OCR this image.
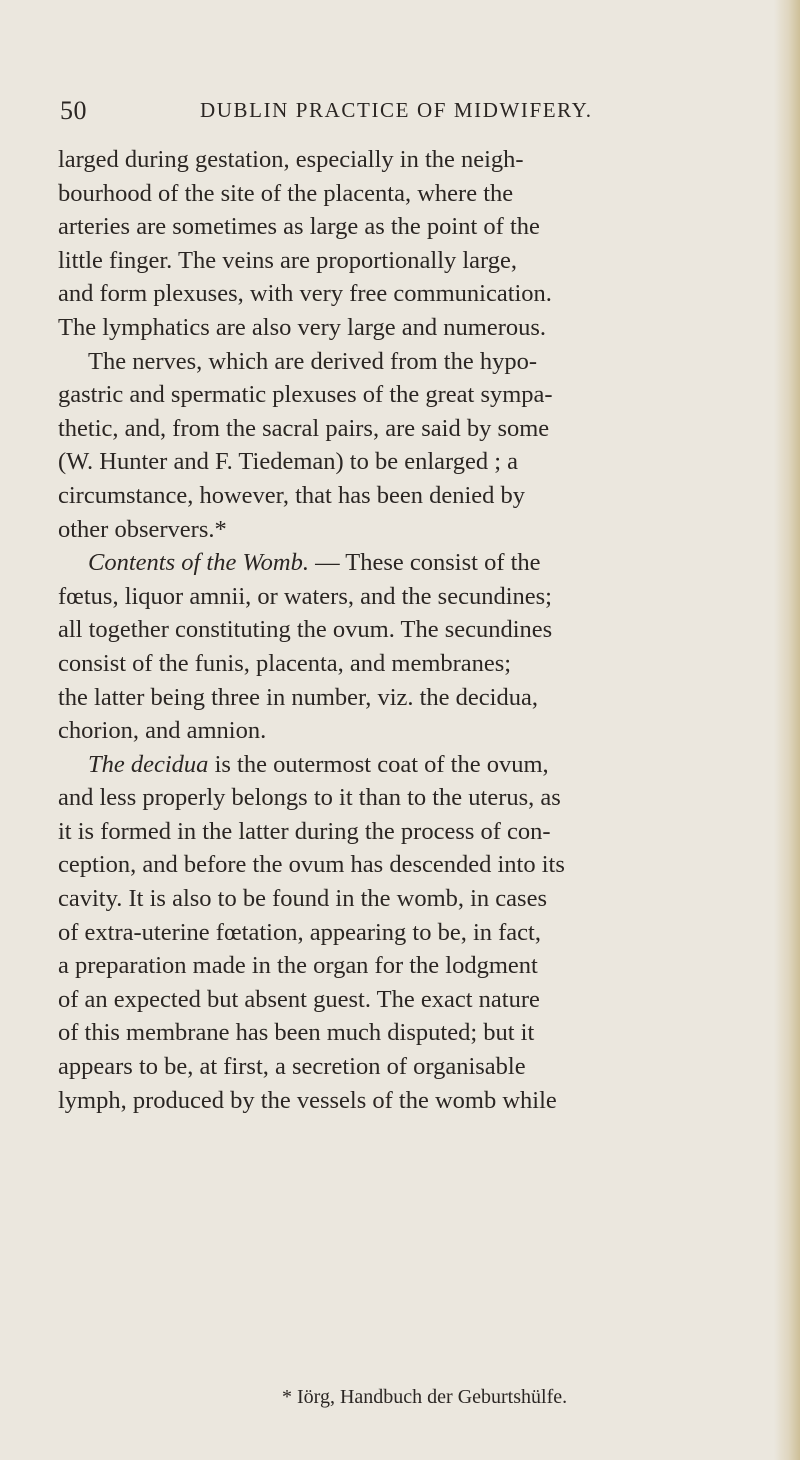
50	DUBLIN PRACTICE OF MIDWIFERY.
larged during gestation, especially in the neigh-
bourhood of the site of the placenta, where the
arteries are sometimes as large as the point of the
little finger. The veins are proportionally large,
and form plexuses, with very free communication.
The lymphatics are also very large and numerous.
The nerves, which are derived from the hypo-
gastric and spermatic plexuses of the great sympa-
thetic, and, from the sacral pairs, are said by some
(W. Hunter and F. Tiedeman) to be enlarged ; a
circumstance, however, that has been denied by
other observers.*
Contents of the Womb. — These consist of the
fœtus, liquor amnii, or waters, and the secundines;
all together constituting the ovum. The secundines
consist of the funis, placenta, and membranes;
the latter being three in number, viz. the decidua,
chorion, and amnion.
The decidua is the outermost coat of the ovum,
and less properly belongs to it than to the uterus, as
it is formed in the latter during the process of con-
ception, and before the ovum has descended into its
cavity. It is also to be found in the womb, in cases
of extra-uterine fœtation, appearing to be, in fact,
a preparation made in the organ for the lodgment
of an expected but absent guest. The exact nature
of this membrane has been much disputed; but it
appears to be, at first, a secretion of organisable
lymph, produced by the vessels of the womb while
* Iörg, Handbuch der Geburtshülfe.
